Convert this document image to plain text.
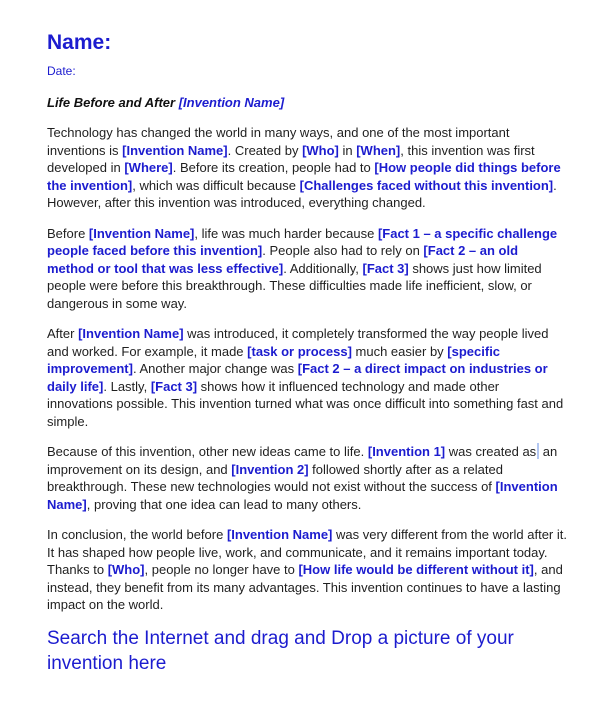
Name:
Date:
Life Before and After [Invention Name]

Technology has changed the world in many ways, and one of the most important inventions is [Invention Name]. Created by [Who] in [When], this invention was first developed in [Where]. Before its creation, people had to [How people did things before the invention], which was difficult because [Challenges faced without this invention]. However, after this invention was introduced, everything changed.

Before [Invention Name], life was much harder because [Fact 1 – a specific challenge people faced before this invention]. People also had to rely on [Fact 2 – an old method or tool that was less effective]. Additionally, [Fact 3] shows just how limited people were before this breakthrough. These difficulties made life inefficient, slow, or dangerous in some way.

After [Invention Name] was introduced, it completely transformed the way people lived and worked. For example, it made [task or process] much easier by [specific improvement]. Another major change was [Fact 2 – a direct impact on industries or daily life]. Lastly, [Fact 3] shows how it influenced technology and made other innovations possible. This invention turned what was once difficult into something fast and simple.

Because of this invention, other new ideas came to life. [Invention 1] was created as an improvement on its design, and [Invention 2] followed shortly after as a related breakthrough. These new technologies would not exist without the success of [Invention Name], proving that one idea can lead to many others.

In conclusion, the world before [Invention Name] was very different from the world after it. It has shaped how people live, work, and communicate, and it remains important today. Thanks to [Who], people no longer have to [How life would be different without it], and instead, they benefit from its many advantages. This invention continues to have a lasting impact on the world.

Search the Internet and drag and Drop a picture of your invention here
